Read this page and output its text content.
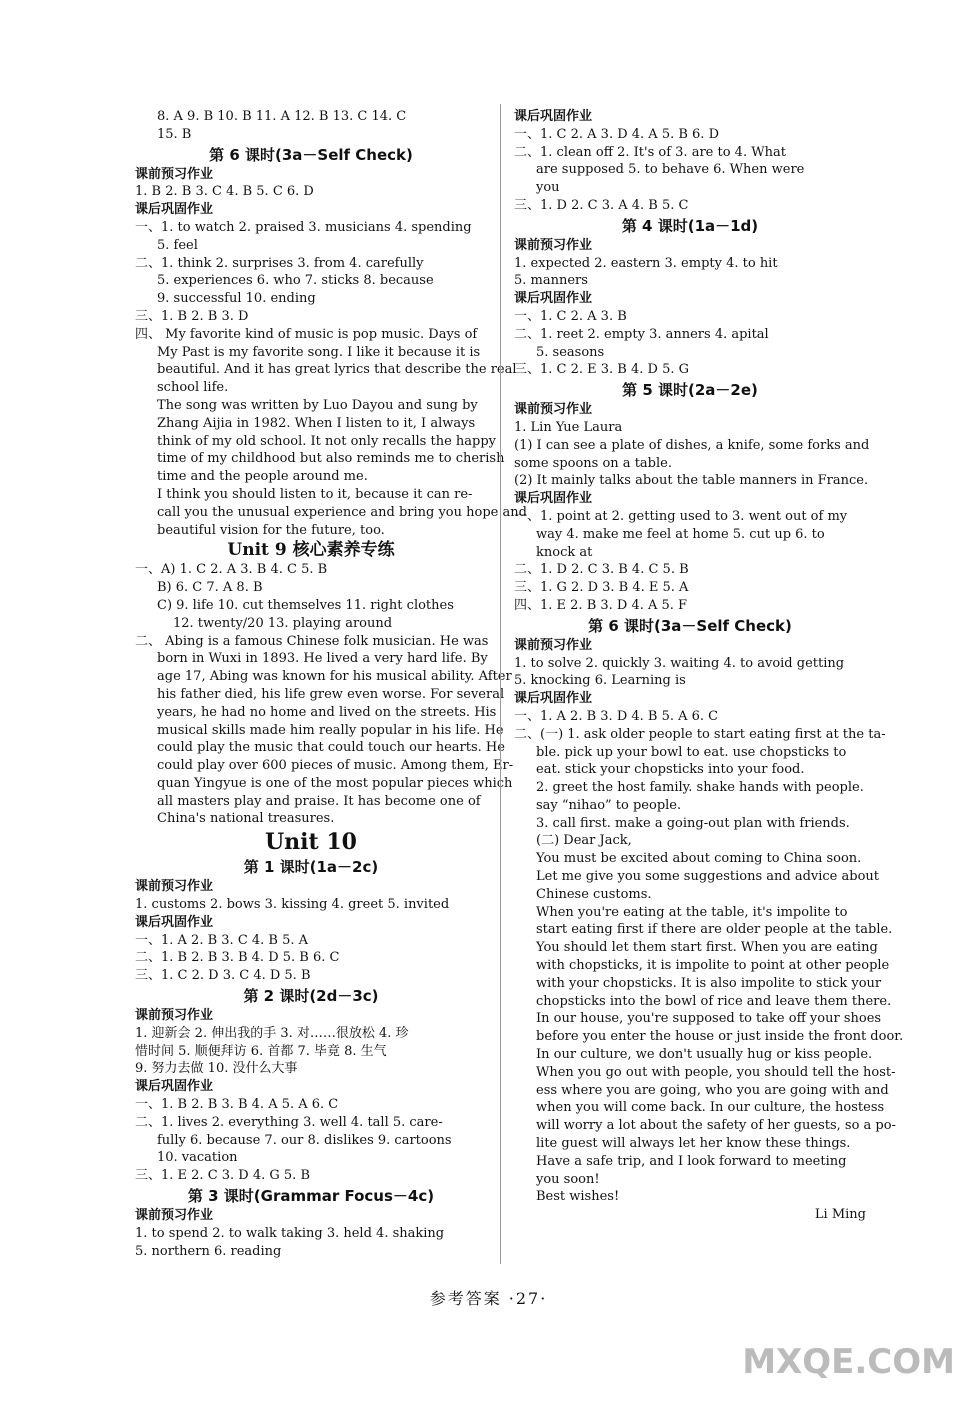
8. A 9. B 10. B 11. A 12. B 13. C 14. C
15. B
第 6 课时(3a－Self Check)
课前预习作业
1. B 2. B 3. C 4. B 5. C 6. D
课后巩固作业
一、1. to watch 2. praised 3. musicians 4. spending
5. feel
二、1. think 2. surprises 3. from 4. carefully
5. experiences 6. who 7. sticks 8. because
9. successful 10. ending
三、1. B 2. B 3. D
四、 My favorite kind of music is pop music. Days of
My Past is my favorite song. I like it because it is
beautiful. And it has great lyrics that describe the real
school life.
The song was written by Luo Dayou and sung by
Zhang Aijia in 1982. When I listen to it, I always
think of my old school. It not only recalls the happy
time of my childhood but also reminds me to cherish
time and the people around me.
I think you should listen to it, because it can re-
call you the unusual experience and bring you hope and
beautiful vision for the future, too.
Unit 9 核心素养专练
一、A) 1. C 2. A 3. B 4. C 5. B
B) 6. C 7. A 8. B
C) 9. life 10. cut themselves 11. right clothes
12. twenty/20 13. playing around
二、 Abing is a famous Chinese folk musician. He was
born in Wuxi in 1893. He lived a very hard life. By
age 17, Abing was known for his musical ability. After
his father died, his life grew even worse. For several
years, he had no home and lived on the streets. His
musical skills made him really popular in his life. He
could play the music that could touch our hearts. He
could play over 600 pieces of music. Among them, Er-
quan Yingyue is one of the most popular pieces which
all masters play and praise. It has become one of
China's national treasures.
Unit 10
第 1 课时(1a－2c)
课前预习作业
1. customs 2. bows 3. kissing 4. greet 5. invited
课后巩固作业
一、1. A 2. B 3. C 4. B 5. A
二、1. B 2. B 3. B 4. D 5. B 6. C
三、1. C 2. D 3. C 4. D 5. B
第 2 课时(2d－3c)
课前预习作业
1. 迎新会 2. 伸出我的手 3. 对……很放松 4. 珍
惜时间 5. 顺便拜访 6. 首都 7. 毕竟 8. 生气
9. 努力去做 10. 没什么大事
课后巩固作业
一、1. B 2. B 3. B 4. A 5. A 6. C
二、1. lives 2. everything 3. well 4. tall 5. care-
fully 6. because 7. our 8. dislikes 9. cartoons
10. vacation
三、1. E 2. C 3. D 4. G 5. B
第 3 课时(Grammar Focus－4c)
课前预习作业
1. to spend 2. to walk taking 3. held 4. shaking
5. northern 6. reading
课后巩固作业
一、1. C 2. A 3. D 4. A 5. B 6. D
二、1. clean off 2. It's of 3. are to 4. What
are supposed 5. to behave 6. When were
you
三、1. D 2. C 3. A 4. B 5. C
第 4 课时(1a－1d)
课前预习作业
1. expected 2. eastern 3. empty 4. to hit
5. manners
课后巩固作业
一、1. C 2. A 3. B
二、1. reet 2. empty 3. anners 4. apital
5. seasons
三、1. C 2. E 3. B 4. D 5. G
第 5 课时(2a－2e)
课前预习作业
1. Lin Yue Laura
(1) I can see a plate of dishes, a knife, some forks and
some spoons on a table.
(2) It mainly talks about the table manners in France.
课后巩固作业
一、1. point at 2. getting used to 3. went out of my
way 4. make me feel at home 5. cut up 6. to
knock at
二、1. D 2. C 3. B 4. C 5. B
三、1. G 2. D 3. B 4. E 5. A
四、1. E 2. B 3. D 4. A 5. F
第 6 课时(3a－Self Check)
课前预习作业
1. to solve 2. quickly 3. waiting 4. to avoid getting
5. knocking 6. Learning is
课后巩固作业
一、1. A 2. B 3. D 4. B 5. A 6. C
二、(一) 1. ask older people to start eating first at the ta-
ble. pick up your bowl to eat. use chopsticks to
eat. stick your chopsticks into your food.
2. greet the host family. shake hands with people.
say “nihao” to people.
3. call first. make a going-out plan with friends.
(二) Dear Jack,
You must be excited about coming to China soon.
Let me give you some suggestions and advice about
Chinese customs.
When you're eating at the table, it's impolite to
start eating first if there are older people at the table.
You should let them start first. When you are eating
with chopsticks, it is impolite to point at other people
with your chopsticks. It is also impolite to stick your
chopsticks into the bowl of rice and leave them there.
In our house, you're supposed to take off your shoes
before you enter the house or just inside the front door.
In our culture, we don't usually hug or kiss people.
When you go out with people, you should tell the host-
ess where you are going, who you are going with and
when you will come back. In our culture, the hostess
will worry a lot about the safety of her guests, so a po-
lite guest will always let her know these things.
Have a safe trip, and I look forward to meeting
you soon!
Best wishes!
Li Ming
参考答案 ·27·
MXQE.COM
